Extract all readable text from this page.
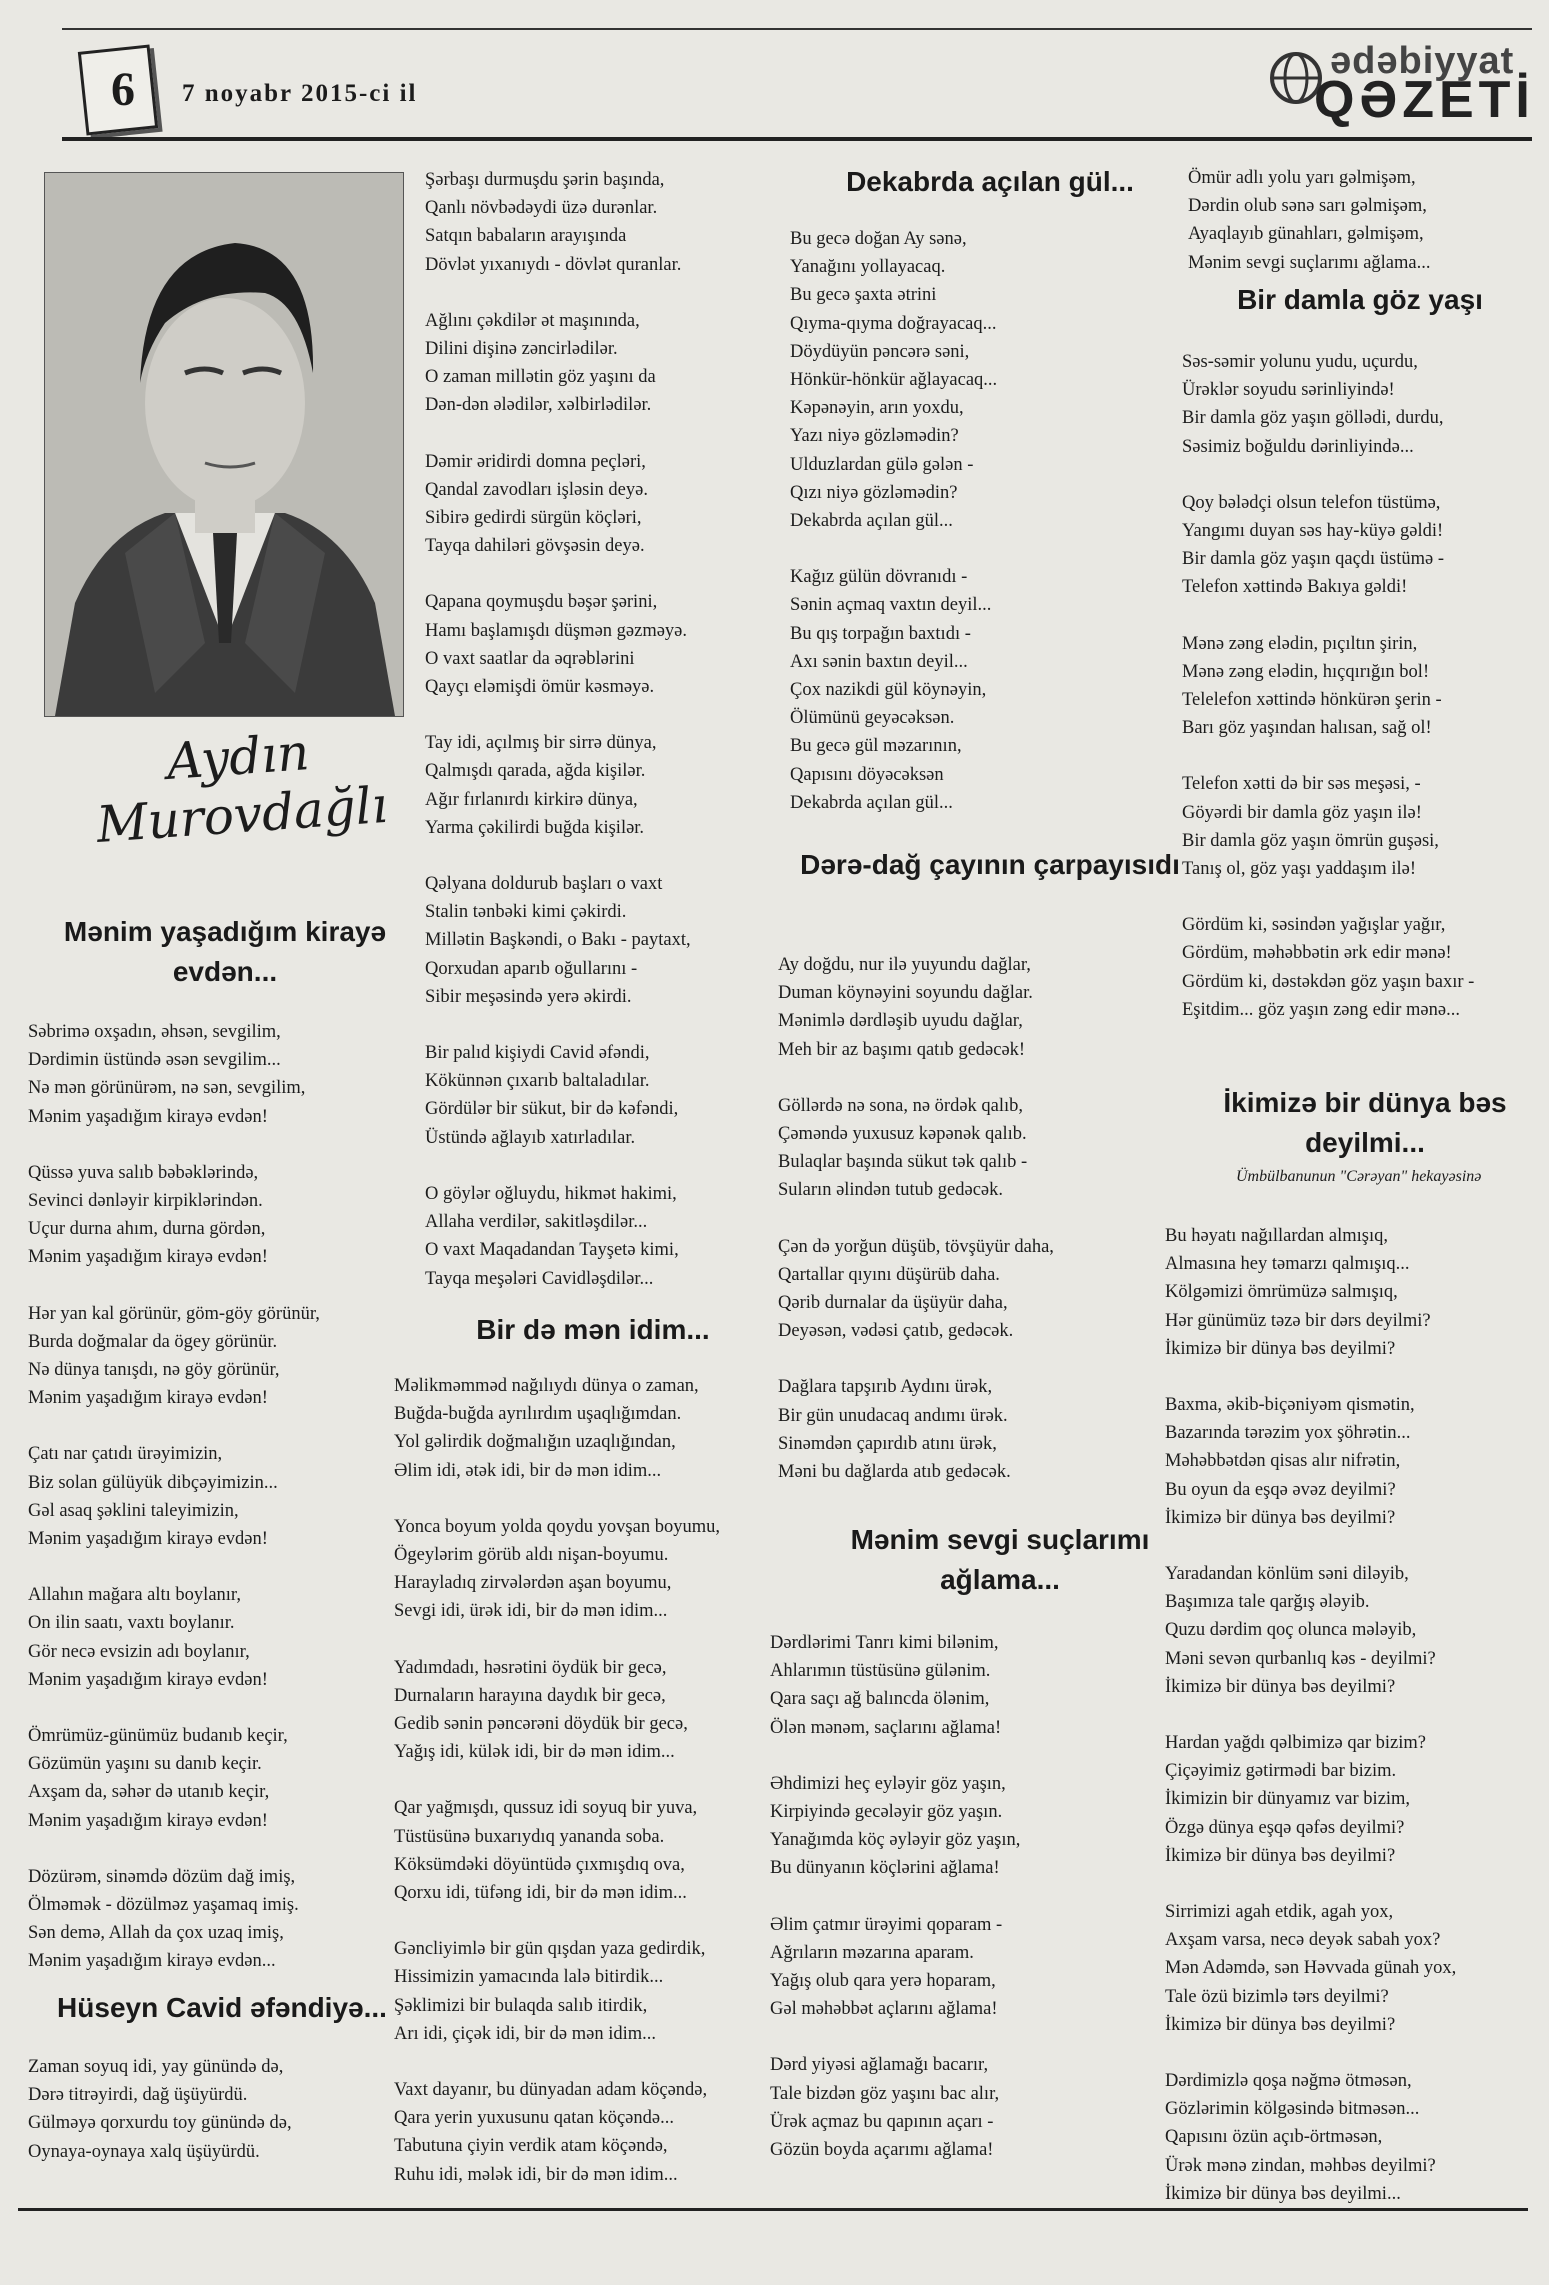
6	7 noyabr 2015-ci il
ədəbiyyat
QƏZETİ
Aydın Murovdağlı
Mənim yaşadığım kirayə evdən...
Səbrimə oxşadın, əhsən, sevgilim,
Dərdimin üstündə əsən sevgilim...
Nə mən görünürəm, nə sən, sevgilim,
Mənim yaşadığım kirayə evdən!
Qüssə yuva salıb bəbəklərində,
Sevinci dənləyir kirpiklərindən.
Uçur durna ahım, durna gördən,
Mənim yaşadığım kirayə evdən!
Hər yan kal görünür, göm-göy görünür,
Burda doğmalar da ögey görünür.
Nə dünya tanışdı, nə göy görünür,
Mənim yaşadığım kirayə evdən!
Çatı nar çatıdı ürəyimizin,
Biz solan gülüyük dibçəyimizin...
Gəl asaq şəklini taleyimizin,
Mənim yaşadığım kirayə evdən!
Allahın mağara altı boylanır,
On ilin saatı, vaxtı boylanır.
Gör necə evsizin adı boylanır,
Mənim yaşadığım kirayə evdən!
Ömrümüz-günümüz budanıb keçir,
Gözümün yaşını su danıb keçir.
Axşam da, səhər də utanıb keçir,
Mənim yaşadığım kirayə evdən!
Dözürəm, sinəmdə dözüm dağ imiş,
Ölməmək - dözülməz yaşamaq imiş.
Sən demə, Allah da çox uzaq imiş,
Mənim yaşadığım kirayə evdən...
Hüseyn Cavid əfəndiyə...
Zaman soyuq idi, yay günündə də,
Dərə titrəyirdi, dağ üşüyürdü.
Gülməyə qorxurdu toy günündə də,
Oynaya-oynaya xalq üşüyürdü.
Şərbaşı durmuşdu şərin başında,
Qanlı növbədəydi üzə durənlar.
Satqın babaların arayışında
Dövlət yıxanıydı - dövlət quranlar.
Ağlını çəkdilər ət maşınında,
Dilini dişinə zəncirlədilər.
O zaman millətin göz yaşını da
Dən-dən ələdilər, xəlbirlədilər.
Dəmir əridirdi domna peçləri,
Qandal zavodları işləsin deyə.
Sibirə gedirdi sürgün köçləri,
Tayqa dahiləri gövşəsin deyə.
Qapana qoymuşdu bəşər şərini,
Hamı başlamışdı düşmən gəzməyə.
O vaxt saatlar da əqrəblərini
Qayçı eləmişdi ömür kəsməyə.
Tay idi, açılmış bir sirrə dünya,
Qalmışdı qarada, ağda kişilər.
Ağır fırlanırdı kirkirə dünya,
Yarma çəkilirdi buğda kişilər.
Qəlyana doldurub başları o vaxt
Stalin tənbəki kimi çəkirdi.
Millətin Başkəndi, o Bakı - paytaxt,
Qorxudan aparıb oğullarını -
Sibir meşəsində yerə əkirdi.
Bir palıd kişiydi Cavid əfəndi,
Kökünnən çıxarıb baltaladılar.
Gördülər bir sükut, bir də kəfəndi,
Üstündə ağlayıb xatırladılar.
O göylər oğluydu, hikmət hakimi,
Allaha verdilər, sakitləşdilər...
O vaxt Maqadandan Tayşetə kimi,
Tayqa meşələri Cavidləşdilər...
Bir də mən idim...
Məlikməmməd nağılıydı dünya o zaman,
Buğda-buğda ayrılırdım uşaqlığımdan.
Yol gəlirdik doğmalığın uzaqlığından,
Əlim idi, ətək idi, bir də mən idim...
Yonca boyum yolda qoydu yovşan boyumu,
Ögeylərim görüb aldı nişan-boyumu.
Harayladıq zirvələrdən aşan boyumu,
Sevgi idi, ürək idi, bir də mən idim...
Yadımdadı, həsrətini öydük bir gecə,
Durnaların harayına daydık bir gecə,
Gedib sənin pəncərəni döydük bir gecə,
Yağış idi, külək idi, bir də mən idim...
Qar yağmışdı, qussuz idi soyuq bir yuva,
Tüstüsünə buxarıydıq yananda soba.
Köksümdəki döyüntüdə çıxmışdıq ova,
Qorxu idi, tüfəng idi, bir də mən idim...
Gəncliyimlə bir gün qışdan yaza gedirdik,
Hissimizin yamacında lalə bitirdik...
Şəklimizi bir bulaqda salıb itirdik,
Arı idi, çiçək idi, bir də mən idim...
Vaxt dayanır, bu dünyadan adam köçəndə,
Qara yerin yuxusunu qatan köçəndə...
Tabutuna çiyin verdik atam köçəndə,
Ruhu idi, mələk idi, bir də mən idim...
Dekabrda açılan gül...
Bu gecə doğan Ay sənə,
Yanağını yollayacaq.
Bu gecə şaxta ətrini
Qıyma-qıyma doğrayacaq...
Döydüyün pəncərə səni,
Hönkür-hönkür ağlayacaq...
Kəpənəyin, arın yoxdu,
Yazı niyə gözləmədin?
Ulduzlardan gülə gələn -
Qızı niyə gözləmədin?
Dekabrda açılan gül...
Kağız gülün dövranıdı -
Sənin açmaq vaxtın deyil...
Bu qış torpağın baxtıdı -
Axı sənin baxtın deyil...
Çox nazikdi gül köynəyin,
Ölümünü geyəcəksən.
Bu gecə gül məzarının,
Qapısını döyəcəksən
Dekabrda açılan gül...
Dərə-dağ çayının çarpayısıdı
Ay doğdu, nur ilə yuyundu dağlar,
Duman köynəyini soyundu dağlar.
Mənimlə dərdləşib uyudu dağlar,
Meh bir az başımı qatıb gedəcək!
Göllərdə nə sona, nə ördək qalıb,
Çəməndə yuxusuz kəpənək qalıb.
Bulaqlar başında sükut tək qalıb -
Suların əlindən tutub gedəcək.
Çən də yorğun düşüb, tövşüyür daha,
Qartallar qıyını düşürüb daha.
Qərib durnalar da üşüyür daha,
Deyəsən, vədəsi çatıb, gedəcək.
Dağlara tapşırıb Aydını ürək,
Bir gün unudacaq andımı ürək.
Sinəmdən çapırdıb atını ürək,
Məni bu dağlarda atıb gedəcək.
Mənim sevgi suçlarımı ağlama...
Dərdlərimi Tanrı kimi bilənim,
Ahlarımın tüstüsünə gülənim.
Qara saçı ağ balıncda ölənim,
Ölən mənəm, saçlarını ağlama!
Əhdimizi heç eyləyir göz yaşın,
Kirpiyində gecələyir göz yaşın.
Yanağımda köç əyləyir göz yaşın,
Bu dünyanın köçlərini ağlama!
Əlim çatmır ürəyimi qoparam -
Ağrıların məzarına aparam.
Yağış olub qara yerə hoparam,
Gəl məhəbbət açlarını ağlama!
Dərd yiyəsi ağlamağı bacarır,
Tale bizdən göz yaşını bac alır,
Ürək açmaz bu qapının açarı -
Gözün boyda açarımı ağlama!
Ömür adlı yolu yarı gəlmişəm,
Dərdin olub sənə sarı gəlmişəm,
Ayaqlayıb günahları, gəlmişəm,
Mənim sevgi suçlarımı ağlama...
Bir damla göz yaşı
Səs-səmir yolunu yudu, uçurdu,
Ürəklər soyudu sərinliyində!
Bir damla göz yaşın göllədi, durdu,
Səsimiz boğuldu dərinliyində...
Qoy bələdçi olsun telefon tüstümə,
Yangımı duyan səs hay-küyə gəldi!
Bir damla göz yaşın qaçdı üstümə -
Telefon xəttində Bakıya gəldi!
Mənə zəng elədin, pıçıltın şirin,
Mənə zəng elədin, hıçqırığın bol!
Telelefon xəttində hönkürən şerin -
Barı göz yaşından halısan, sağ ol!
Telefon xətti də bir səs meşəsi, -
Göyərdi bir damla göz yaşın ilə!
Bir damla göz yaşın ömrün guşəsi,
Tanış ol, göz yaşı yaddaşım ilə!
Gördüm ki, səsindən yağışlar yağır,
Gördüm, məhəbbətin ərk edir mənə!
Gördüm ki, dəstəkdən göz yaşın baxır -
Eşitdim... göz yaşın zəng edir mənə...
İkimizə bir dünya bəs deyilmi...
Ümbülbanunun "Cərəyan" hekayəsinə
Bu həyatı nağıllardan almışıq,
Almasına hey təmarzı qalmışıq...
Kölgəmizi ömrümüzə salmışıq,
Hər günümüz təzə bir dərs deyilmi?
İkimizə bir dünya bəs deyilmi?
Baxma, əkib-biçəniyəm qismətin,
Bazarında tərəzim yox şöhrətin...
Məhəbbətdən qisas alır nifrətin,
Bu oyun da eşqə əvəz deyilmi?
İkimizə bir dünya bəs deyilmi?
Yaradandan könlüm səni diləyib,
Başımıza tale qarğış ələyib.
Quzu dərdim qoç olunca mələyib,
Məni sevən qurbanlıq kəs - deyilmi?
İkimizə bir dünya bəs deyilmi?
Hardan yağdı qəlbimizə qar bizim?
Çiçəyimiz gətirmədi bar bizim.
İkimizin bir dünyamız var bizim,
Özgə dünya eşqə qəfəs deyilmi?
İkimizə bir dünya bəs deyilmi?
Sirrimizi agah etdik, agah yox,
Axşam varsa, necə deyək sabah yox?
Mən Adəmdə, sən Həvvada günah yox,
Tale özü bizimlə tərs deyilmi?
İkimizə bir dünya bəs deyilmi?
Dərdimizlə qoşa nəğmə ötməsən,
Gözlərimin kölgəsində bitməsən...
Qapısını özün açıb-örtməsən,
Ürək mənə zindan, məhbəs deyilmi?
İkimizə bir dünya bəs deyilmi...
